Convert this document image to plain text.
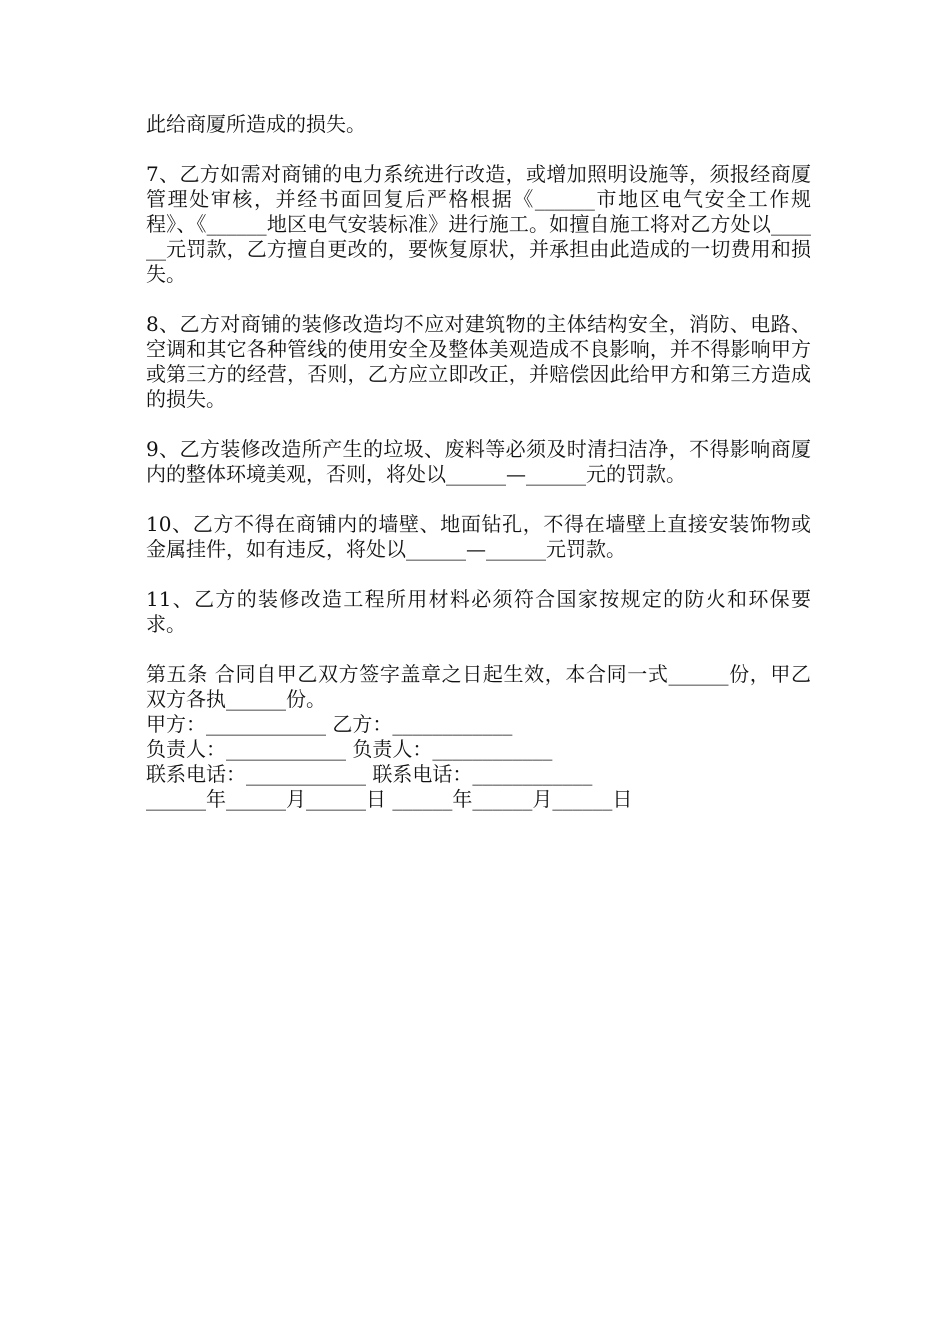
此给商厦所造成的损失。

7、乙方如需对商铺的电力系统进行改造，或增加照明设施等，须报经商厦管理处审核，并经书面回复后严格根据《______市地区电气安全工作规程》、《______地区电气安装标准》进行施工。如擅自施工将对乙方处以______元罚款，乙方擅自更改的，要恢复原状，并承担由此造成的一切费用和损失。

8、乙方对商铺的装修改造均不应对建筑物的主体结构安全，消防、电路、空调和其它各种管线的使用安全及整体美观造成不良影响，并不得影响甲方或第三方的经营，否则，乙方应立即改正，并赔偿因此给甲方和第三方造成的损失。

9、乙方装修改造所产生的垃圾、废料等必须及时清扫洁净，不得影响商厦内的整体环境美观，否则，将处以______—______元的罚款。

10、乙方不得在商铺内的墙壁、地面钻孔，不得在墙壁上直接安装饰物或金属挂件，如有违反，将处以______—______元罚款。

11、乙方的装修改造工程所用材料必须符合国家按规定的防火和环保要求。

第五条 合同自甲乙双方签字盖章之日起生效，本合同一式______份，甲乙双方各执______份。

甲方：____________ 乙方：____________

负责人：____________ 负责人：____________

联系电话：____________ 联系电话：____________

______年______月______日 ______年______月______日
